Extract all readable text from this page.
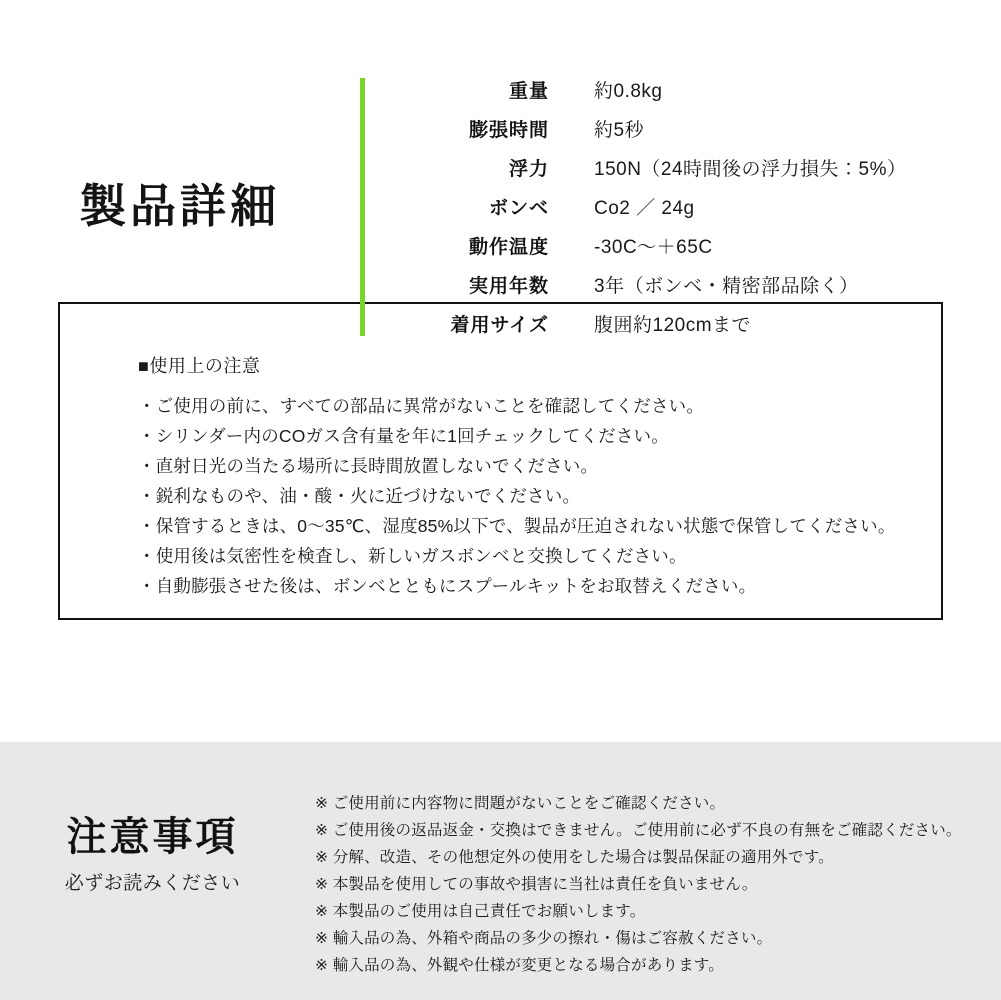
製品詳細
重量 約0.8kg
膨張時間 約5秒
浮力 150N（24時間後の浮力損失：5%）
ボンベ Co2 ／ 24g
動作温度 -30C〜＋65C
実用年数 3年（ボンベ・精密部品除く）
着用サイズ 腹囲約120cmまで
■使用上の注意
・ご使用の前に、すべての部品に異常がないことを確認してください。
・シリンダー内のCOガス含有量を年に1回チェックしてください。
・直射日光の当たる場所に長時間放置しないでください。
・鋭利なものや、油・酸・火に近づけないでください。
・保管するときは、0〜35℃、湿度85%以下で、製品が圧迫されない状態で保管してください。
・使用後は気密性を検査し、新しいガスボンベと交換してください。
・自動膨張させた後は、ボンベとともにスプールキットをお取替えください。
注意事項
必ずお読みください
※ ご使用前に内容物に問題がないことをご確認ください。
※ ご使用後の返品返金・交換はできません。ご使用前に必ず不良の有無をご確認ください。
※ 分解、改造、その他想定外の使用をした場合は製品保証の適用外です。
※ 本製品を使用しての事故や損害に当社は責任を負いません。
※ 本製品のご使用は自己責任でお願いします。
※ 輸入品の為、外箱や商品の多少の擦れ・傷はご容赦ください。
※ 輸入品の為、外観や仕様が変更となる場合があります。
